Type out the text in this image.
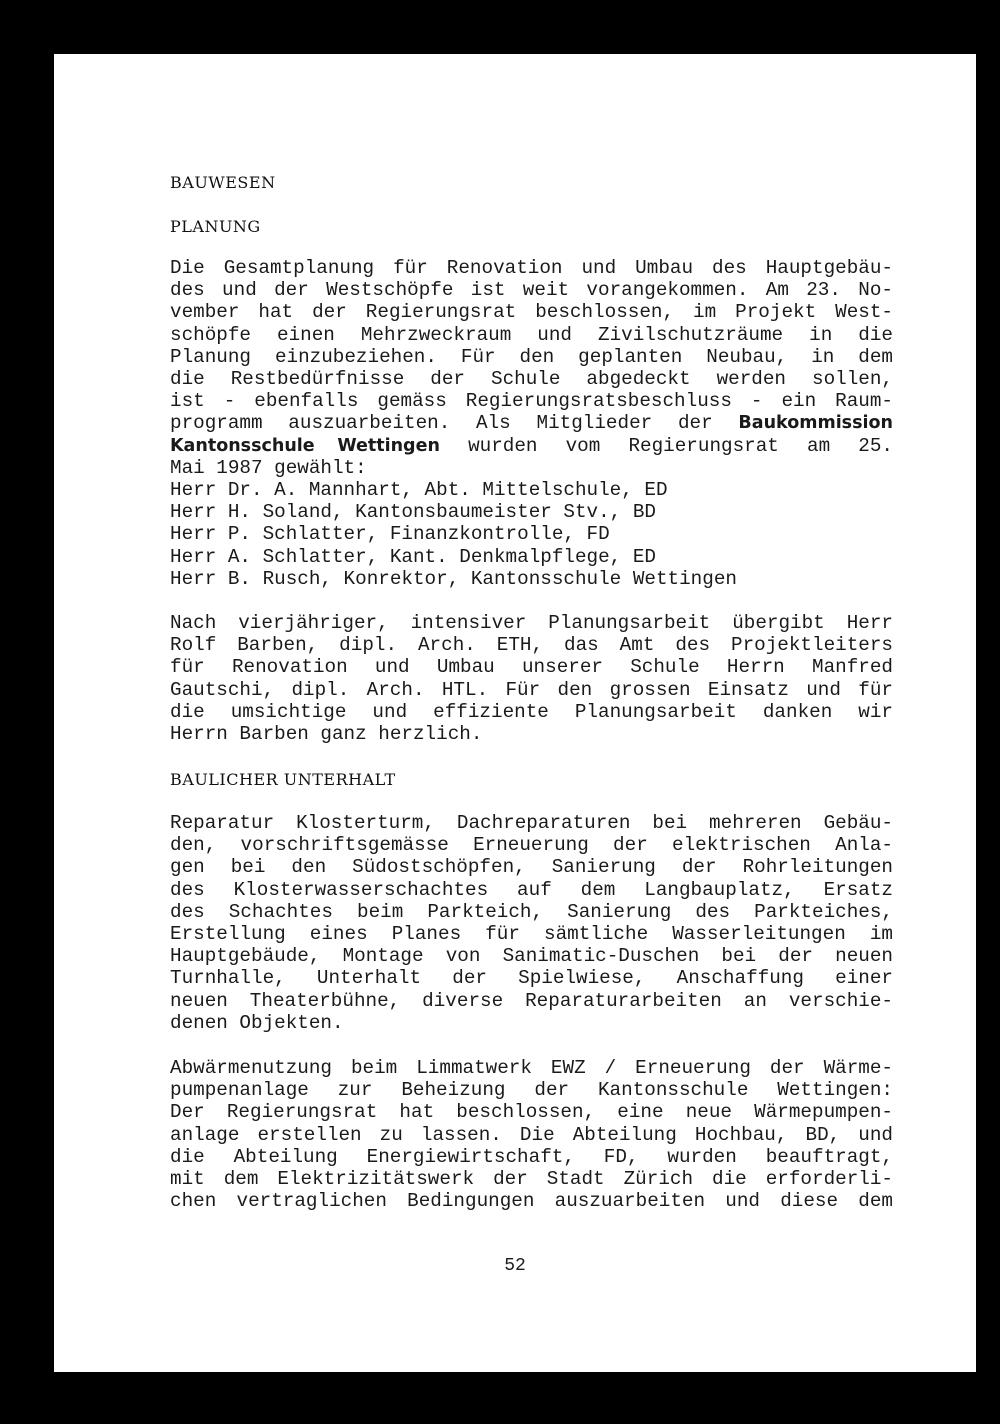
BAUWESEN
PLANUNG
Die Gesamtplanung für Renovation und Umbau des Hauptgebäu-
des und der Westschöpfe ist weit vorangekommen. Am 23. No-
vember hat der Regierungsrat beschlossen, im Projekt West-
schöpfe einen Mehrzweckraum und Zivilschutzräume in die
Planung einzubeziehen. Für den geplanten Neubau, in dem
die Restbedürfnisse der Schule abgedeckt werden sollen,
ist - ebenfalls gemäss Regierungsratsbeschluss - ein Raum-
programm auszuarbeiten. Als Mitglieder der Baukommission
Kantonsschule Wettingen wurden vom Regierungsrat am 25.
Mai 1987 gewählt:
Herr Dr. A. Mannhart, Abt. Mittelschule, ED
Herr H. Soland, Kantonsbaumeister Stv., BD
Herr P. Schlatter, Finanzkontrolle, FD
Herr A. Schlatter, Kant. Denkmalpflege, ED
Herr B. Rusch, Konrektor, Kantonsschule Wettingen
Nach vierjähriger, intensiver Planungsarbeit übergibt Herr
Rolf Barben, dipl. Arch. ETH, das Amt des Projektleiters
für Renovation und Umbau unserer Schule Herrn Manfred
Gautschi, dipl. Arch. HTL. Für den grossen Einsatz und für
die umsichtige und effiziente Planungsarbeit danken wir
Herrn Barben ganz herzlich.
BAULICHER UNTERHALT
Reparatur Klosterturm, Dachreparaturen bei mehreren Gebäu-
den, vorschriftsgemässe Erneuerung der elektrischen Anla-
gen bei den Südostschöpfen, Sanierung der Rohrleitungen
des Klosterwasserschachtes auf dem Langbauplatz, Ersatz
des Schachtes beim Parkteich, Sanierung des Parkteiches,
Erstellung eines Planes für sämtliche Wasserleitungen im
Hauptgebäude, Montage von Sanimatic-Duschen bei der neuen
Turnhalle, Unterhalt der Spielwiese, Anschaffung einer
neuen Theaterbühne, diverse Reparaturarbeiten an verschie-
denen Objekten.
Abwärmenutzung beim Limmatwerk EWZ / Erneuerung der Wärme-
pumpenanlage zur Beheizung der Kantonsschule Wettingen:
Der Regierungsrat hat beschlossen, eine neue Wärmepumpen-
anlage erstellen zu lassen. Die Abteilung Hochbau, BD, und
die Abteilung Energiewirtschaft, FD, wurden beauftragt,
mit dem Elektrizitätswerk der Stadt Zürich die erforderli-
chen vertraglichen Bedingungen auszuarbeiten und diese dem
52
